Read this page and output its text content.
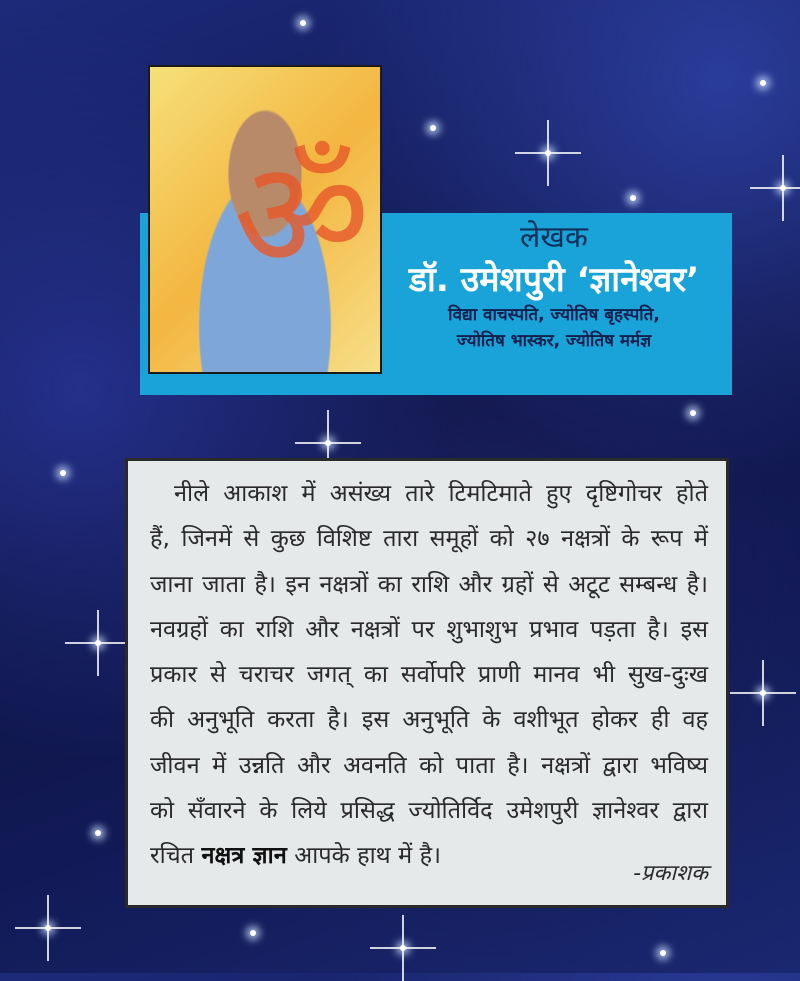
ॐ	लेखक
डॉ. उमेशपुरी ‘ज्ञानेश्वर’
विद्या वाचस्पति, ज्योतिष बृहस्पति,
ज्योतिष भास्कर, ज्योतिष मर्मज्ञ
नीले आकाश में असंख्य तारे टिमटिमाते हुए दृष्टिगोचर होते
हैं, जिनमें से कुछ विशिष्ट तारा समूहों को २७ नक्षत्रों के रूप में
जाना जाता है। इन नक्षत्रों का राशि और ग्रहों से अटूट सम्बन्ध है।
नवग्रहों का राशि और नक्षत्रों पर शुभाशुभ प्रभाव पड़ता है। इस
प्रकार से चराचर जगत् का सर्वोपरि प्राणी मानव भी सुख-दुःख
की अनुभूति करता है। इस अनुभूति के वशीभूत होकर ही वह
जीवन में उन्नति और अवनति को पाता है। नक्षत्रों द्वारा भविष्य
को सँवारने के लिये प्रसिद्ध ज्योतिर्विद उमेशपुरी ज्ञानेश्वर द्वारा
रचित नक्षत्र ज्ञान आपके हाथ में है।
-प्रकाशक
